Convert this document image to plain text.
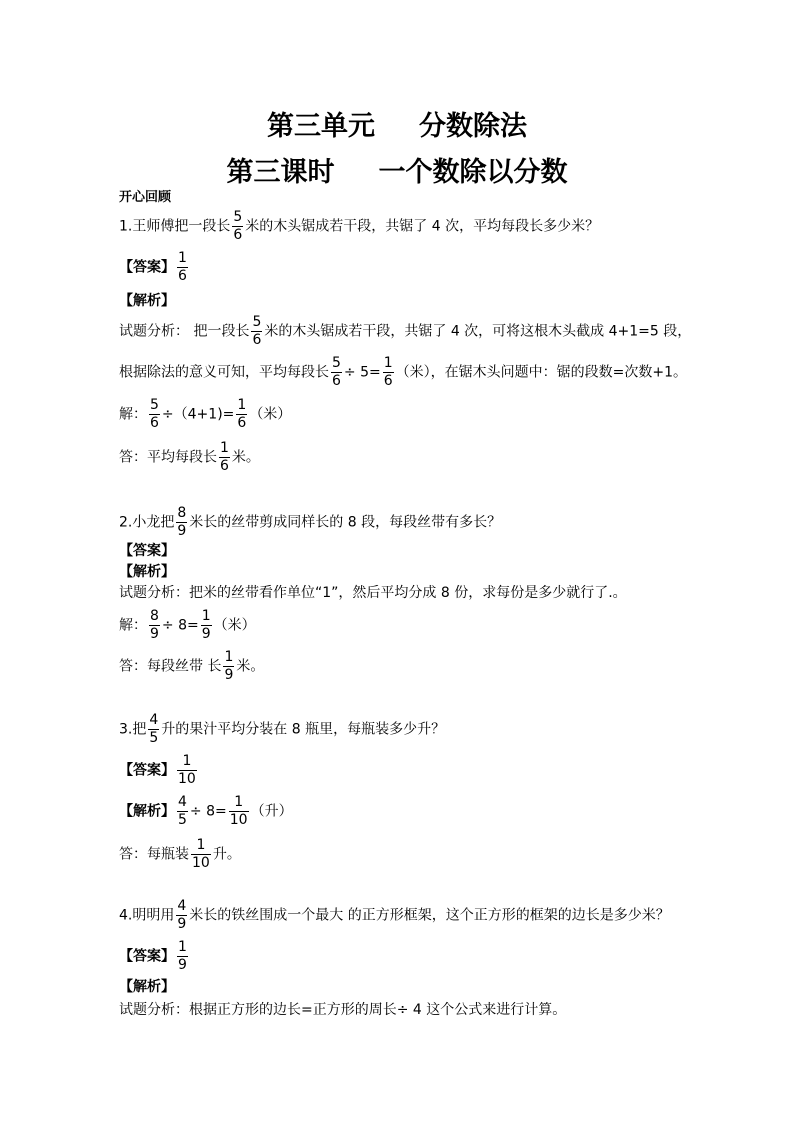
第三单元 分数除法
第三课时 一个数除以分数
开心回顾
1.王师傅把一段长 $\frac{5}{6}$ 米的木头锯成若干段，共锯了 4 次，平均每段长多少米？
【答案】 $\frac{1}{6}$
【解析】
试题分析： 把一段长 $\frac{5}{6}$ 米的木头锯成若干段，共锯了 4 次，可将这根木头截成 4+1=5 段，
根据除法的意义可知，平均每段长 $\frac{5}{6} \div 5= \frac{1}{6}$ （米），在锯木头问题中：锯的段数=次数+1。
解： $\frac{5}{6} \div(4+1)= \frac{1}{6}$ （米）
答：平均每段长 $\frac{1}{6}$ 米。
2.小龙把 $\frac{8}{9}$ 米长的丝带剪成同样长的 8 段，每段丝带有多长？
【答案】
【解析】
试题分析：把米的丝带看作单位“1”，然后平均分成 8 份，求每份是多少就行了.。
解： $\frac{8}{9} \div 8= \frac{1}{9}$ （米）
答：每段丝带 长 $\frac{1}{9}$ 米。
3.把 $\frac{4}{5}$ 升的果汁平均分装在 8 瓶里，每瓶装多少升？
【答案】 $\frac{1}{10}$
【解析】 $\frac{4}{5} \div 8= \frac{1}{10}$ （升）
答：每瓶装 $\frac{1}{10}$ 升。
4.明明用 $\frac{4}{9}$ 米长的铁丝围成一个最大 的正方形框架，这个正方形的框架的边长是多少米？
【答案】 $\frac{1}{9}$
【解析】
试题分析：根据正方形的边长=正方形的周长÷ 4 这个公式来进行计算。
